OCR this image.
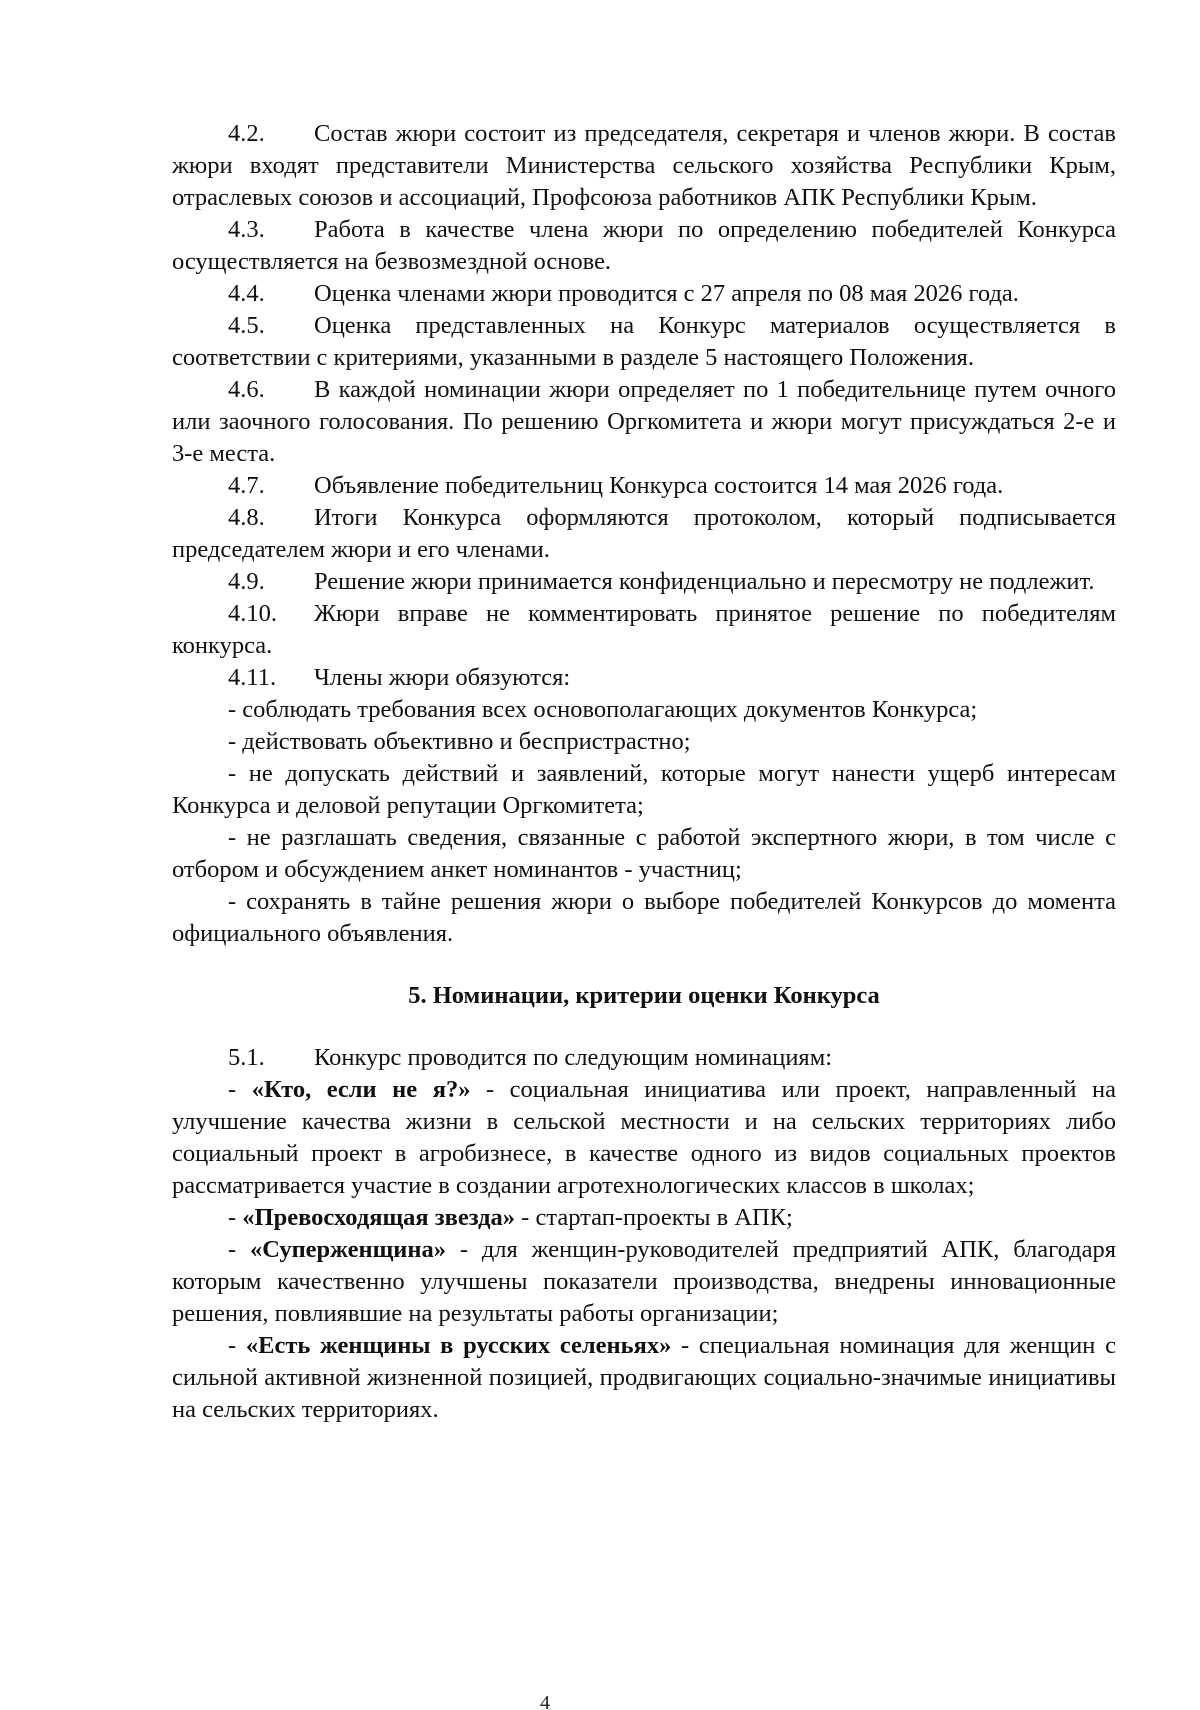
4.2. Состав жюри состоит из председателя, секретаря и членов жюри. В состав жюри входят представители Министерства сельского хозяйства Республики Крым, отраслевых союзов и ассоциаций, Профсоюза работников АПК Республики Крым.

4.3. Работа в качестве члена жюри по определению победителей Конкурса осуществляется на безвозмездной основе.

4.4. Оценка членами жюри проводится с 27 апреля по 08 мая 2026 года.

4.5. Оценка представленных на Конкурс материалов осуществляется в соответствии с критериями, указанными в разделе 5 настоящего Положения.

4.6. В каждой номинации жюри определяет по 1 победительнице путем очного или заочного голосования. По решению Оргкомитета и жюри могут присуждаться 2-е и 3-е места.

4.7. Объявление победительниц Конкурса состоится 14 мая 2026 года.

4.8. Итоги Конкурса оформляются протоколом, который подписывается председателем жюри и его членами.

4.9. Решение жюри принимается конфиденциально и пересмотру не подлежит.

4.10. Жюри вправе не комментировать принятое решение по победителям конкурса.

4.11. Члены жюри обязуются:

- соблюдать требования всех основополагающих документов Конкурса;

- действовать объективно и беспристрастно;

- не допускать действий и заявлений, которые могут нанести ущерб интересам Конкурса и деловой репутации Оргкомитета;

- не разглашать сведения, связанные с работой экспертного жюри, в том числе с отбором и обсуждением анкет номинантов - участниц;

- сохранять в тайне решения жюри о выборе победителей Конкурсов до момента официального объявления.

5. Номинации, критерии оценки Конкурса

5.1. Конкурс проводится по следующим номинациям:

- «Кто, если не я?» - социальная инициатива или проект, направленный на улучшение качества жизни в сельской местности и на сельских территориях либо социальный проект в агробизнесе, в качестве одного из видов социальных проектов рассматривается участие в создании агротехнологических классов в школах;

- «Превосходящая звезда» - стартап-проекты в АПК;

- «Суперженщина» - для женщин-руководителей предприятий АПК, благодаря которым качественно улучшены показатели производства, внедрены инновационные решения, повлиявшие на результаты работы организации;

- «Есть женщины в русских селеньях» - специальная номинация для женщин с сильной активной жизненной позицией, продвигающих социально-значимые инициативы на сельских территориях.

4
